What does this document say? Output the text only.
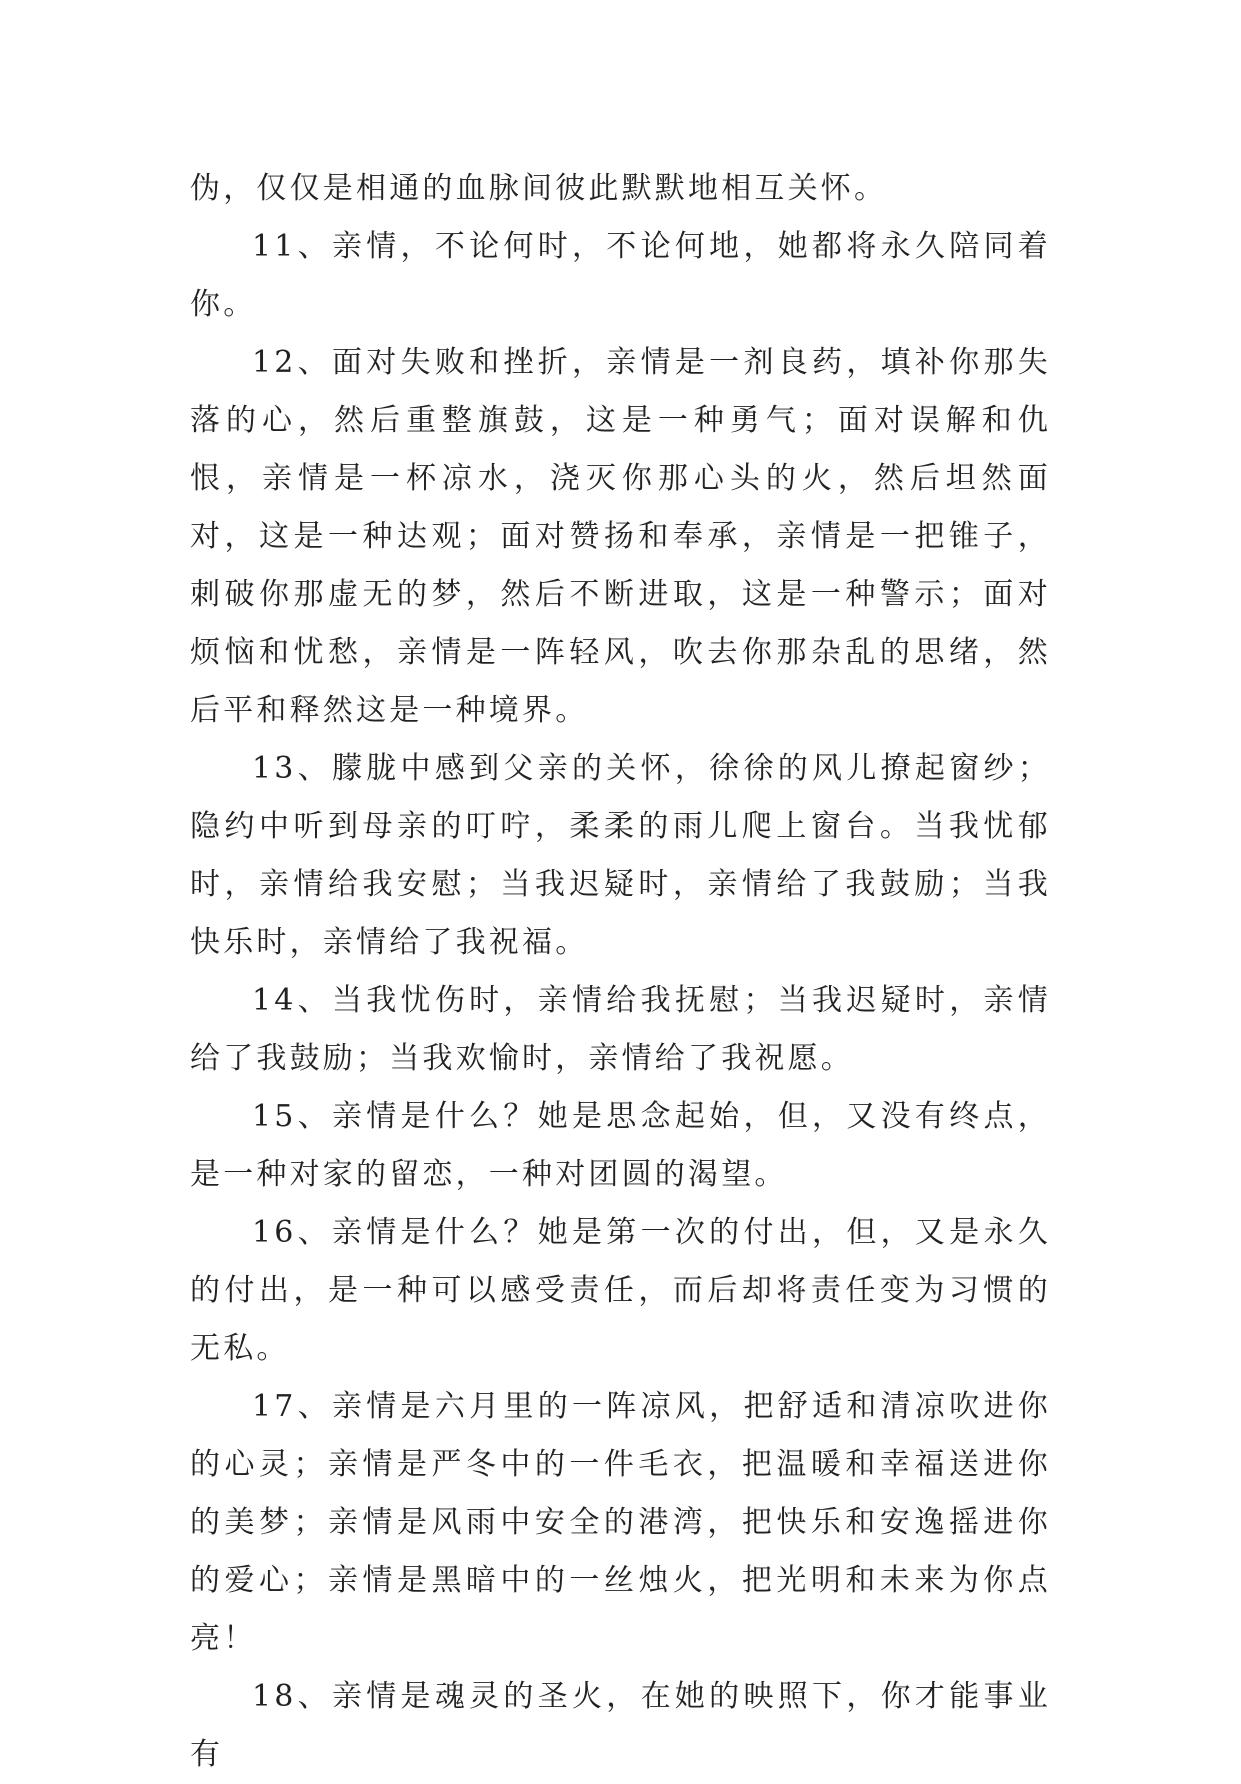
伪，仅仅是相通的血脉间彼此默默地相互关怀。

11、亲情，不论何时，不论何地，她都将永久陪同着你。

12、面对失败和挫折，亲情是一剂良药，填补你那失落的心，然后重整旗鼓，这是一种勇气；面对误解和仇恨，亲情是一杯凉水，浇灭你那心头的火，然后坦然面对，这是一种达观；面对赞扬和奉承，亲情是一把锥子，刺破你那虚无的梦，然后不断进取，这是一种警示；面对烦恼和忧愁，亲情是一阵轻风，吹去你那杂乱的思绪，然后平和释然这是一种境界。

13、朦胧中感到父亲的关怀，徐徐的风儿撩起窗纱；隐约中听到母亲的叮咛，柔柔的雨儿爬上窗台。当我忧郁时，亲情给我安慰；当我迟疑时，亲情给了我鼓励；当我快乐时，亲情给了我祝福。

14、当我忧伤时，亲情给我抚慰；当我迟疑时，亲情给了我鼓励；当我欢愉时，亲情给了我祝愿。

15、亲情是什么？她是思念起始，但，又没有终点，是一种对家的留恋，一种对团圆的渴望。

16、亲情是什么？她是第一次的付出，但，又是永久的付出，是一种可以感受责任，而后却将责任变为习惯的无私。

17、亲情是六月里的一阵凉风，把舒适和清凉吹进你的心灵；亲情是严冬中的一件毛衣，把温暖和幸福送进你的美梦；亲情是风雨中安全的港湾，把快乐和安逸摇进你的爱心；亲情是黑暗中的一丝烛火，把光明和未来为你点亮！

18、亲情是魂灵的圣火，在她的映照下，你才能事业有
